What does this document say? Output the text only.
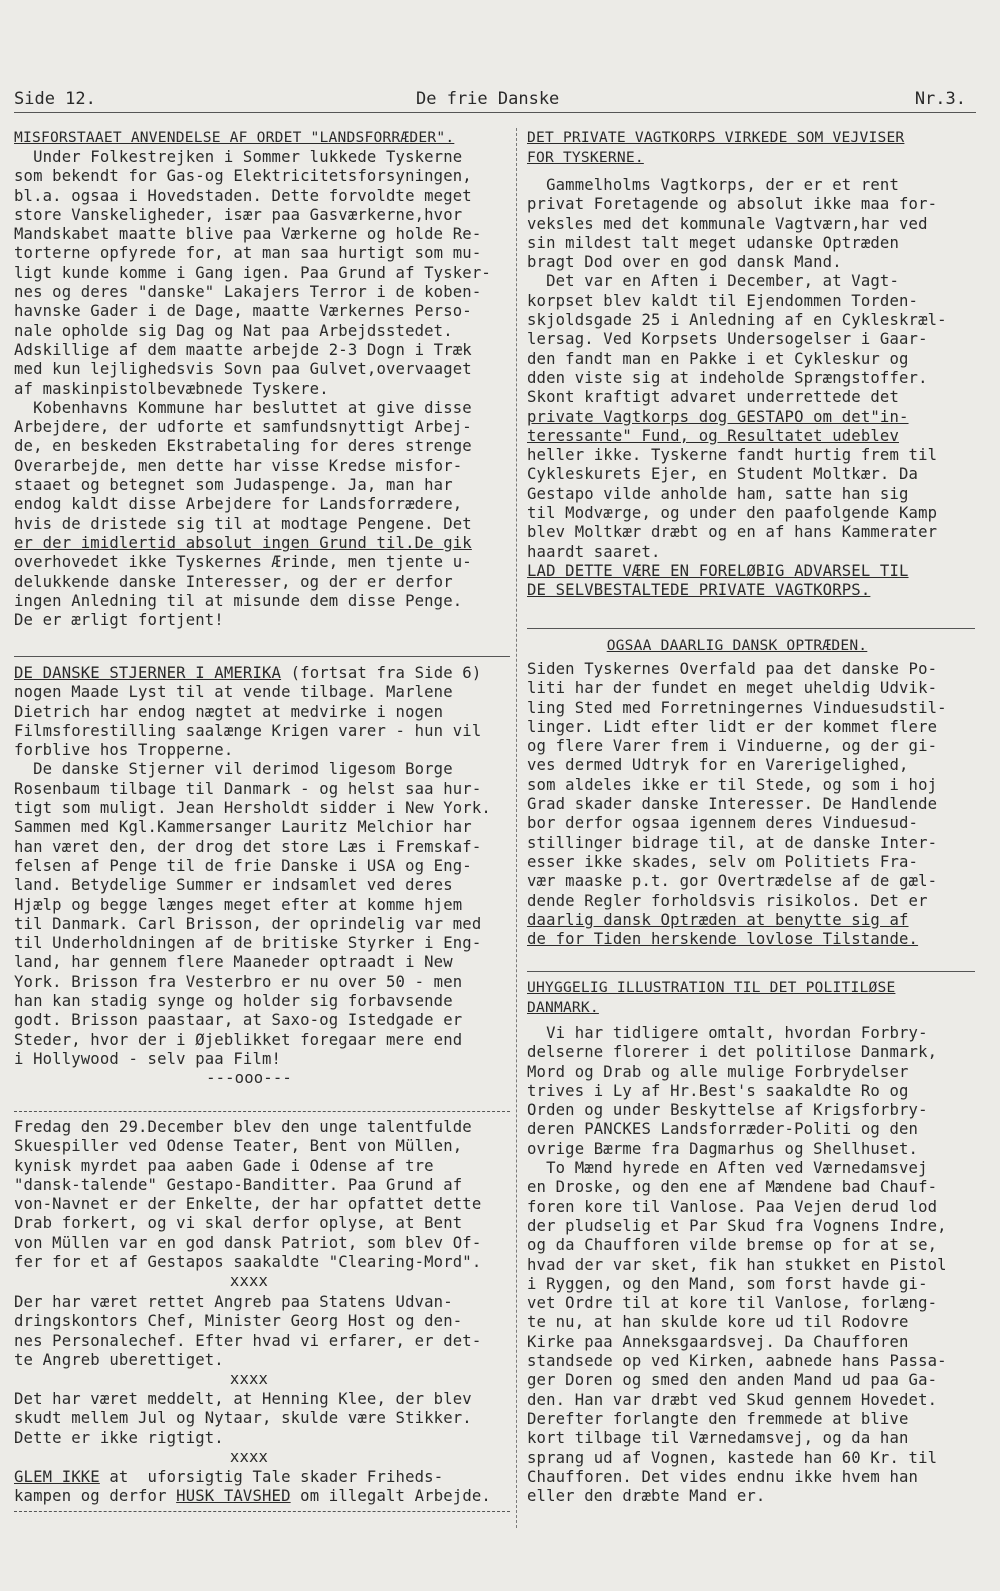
Side 12.	De frie Danske	Nr.3.
MISFORSTAAET ANVENDELSE AF ORDET "LANDSFORRÆDER".
Under Folkestrejken i Sommer lukkede Tyskerne
som bekendt for Gas-og Elektricitetsforsyningen,
bl.a. ogsaa i Hovedstaden. Dette forvoldte meget
store Vanskeligheder, især paa Gasværkerne,hvor
Mandskabet maatte blive paa Værkerne og holde Re-
torterne opfyrede for, at man saa hurtigt som mu-
ligt kunde komme i Gang igen. Paa Grund af Tysker-
nes og deres "danske" Lakajers Terror i de koben-
havnske Gader i de Dage, maatte Værkernes Perso-
nale opholde sig Dag og Nat paa Arbejdsstedet.
Adskillige af dem maatte arbejde 2-3 Dogn i Træk
med kun lejlighedsvis Sovn paa Gulvet,overvaaget
af maskinpistolbevæbnede Tyskere.
Kobenhavns Kommune har besluttet at give disse
Arbejdere, der udforte et samfundsnyttigt Arbej-
de, en beskeden Ekstrabetaling for deres strenge
Overarbejde, men dette har visse Kredse misfor-
staaet og betegnet som Judaspenge. Ja, man har
endog kaldt disse Arbejdere for Landsforrædere,
hvis de dristede sig til at modtage Pengene. Det
er der imidlertid absolut ingen Grund til.De gik
overhovedet ikke Tyskernes Ærinde, men tjente u-
delukkende danske Interesser, og der er derfor
ingen Anledning til at misunde dem disse Penge.
De er ærligt fortjent!
DE DANSKE STJERNER I AMERIKA (fortsat fra Side 6)
nogen Maade Lyst til at vende tilbage. Marlene
Dietrich har endog nægtet at medvirke i nogen
Filmsforestilling saalænge Krigen varer - hun vil
forblive hos Tropperne.
De danske Stjerner vil derimod ligesom Borge
Rosenbaum tilbage til Danmark - og helst saa hur-
tigt som muligt. Jean Hersholdt sidder i New York.
Sammen med Kgl.Kammersanger Lauritz Melchior har
han været den, der drog det store Læs i Fremskaf-
felsen af Penge til de frie Danske i USA og Eng-
land. Betydelige Summer er indsamlet ved deres
Hjælp og begge længes meget efter at komme hjem
til Danmark. Carl Brisson, der oprindelig var med
til Underholdningen af de britiske Styrker i Eng-
land, har gennem flere Maaneder optraadt i New
York. Brisson fra Vesterbro er nu over 50 - men
han kan stadig synge og holder sig forbavsende
godt. Brisson paastaar, at Saxo-og Istedgade er
Steder, hvor der i Øjeblikket foregaar mere end
i Hollywood - selv paa Film!
---ooo---
Fredag den 29.December blev den unge talentfulde
Skuespiller ved Odense Teater, Bent von Müllen,
kynisk myrdet paa aaben Gade i Odense af tre
"dansk-talende" Gestapo-Banditter. Paa Grund af
von-Navnet er der Enkelte, der har opfattet dette
Drab forkert, og vi skal derfor oplyse, at Bent
von Müllen var en god dansk Patriot, som blev Of-
fer for et af Gestapos saakaldte "Clearing-Mord".
xxxx
Der har været rettet Angreb paa Statens Udvan-
dringskontors Chef, Minister Georg Host og den-
nes Personalechef. Efter hvad vi erfarer, er det-
te Angreb uberettiget.
xxxx
Det har været meddelt, at Henning Klee, der blev
skudt mellem Jul og Nytaar, skulde være Stikker.
Dette er ikke rigtigt.
xxxx
GLEM IKKE at  uforsigtig Tale skader Friheds-
kampen og derfor HUSK TAVSHED om illegalt Arbejde.
DET PRIVATE VAGTKORPS VIRKEDE SOM VEJVISER
FOR TYSKERNE.
Gammelholms Vagtkorps, der er et rent
privat Foretagende og absolut ikke maa for-
veksles med det kommunale Vagtværn,har ved
sin mildest talt meget udanske Optræden
bragt Dod over en god dansk Mand.
Det var en Aften i December, at Vagt-
korpset blev kaldt til Ejendommen Torden-
skjoldsgade 25 i Anledning af en Cykleskræl-
lersag. Ved Korpsets Undersogelser i Gaar-
den fandt man en Pakke i et Cykleskur og
dden viste sig at indeholde Sprængstoffer.
Skont kraftigt advaret underrettede det
private Vagtkorps dog GESTAPO om det"in-
teressante" Fund, og Resultatet udeblev
heller ikke. Tyskerne fandt hurtig frem til
Cykleskurets Ejer, en Student Moltkær. Da
Gestapo vilde anholde ham, satte han sig
til Modværge, og under den paafolgende Kamp
blev Moltkær dræbt og en af hans Kammerater
haardt saaret.
LAD DETTE VÆRE EN FORELØBIG ADVARSEL TIL
DE SELVBESTALTEDE PRIVATE VAGTKORPS.
OGSAA DAARLIG DANSK OPTRÆDEN.
Siden Tyskernes Overfald paa det danske Po-
liti har der fundet en meget uheldig Udvik-
ling Sted med Forretningernes Vinduesudstil-
linger. Lidt efter lidt er der kommet flere
og flere Varer frem i Vinduerne, og der gi-
ves dermed Udtryk for en Varerigelighed,
som aldeles ikke er til Stede, og som i hoj
Grad skader danske Interesser. De Handlende
bor derfor ogsaa igennem deres Vinduesud-
stillinger bidrage til, at de danske Inter-
esser ikke skades, selv om Politiets Fra-
vær maaske p.t. gor Overtrædelse af de gæl-
dende Regler forholdsvis risikolos. Det er
daarlig dansk Optræden at benytte sig af
de for Tiden herskende lovlose Tilstande.
UHYGGELIG ILLUSTRATION TIL DET POLITILØSE
DANMARK.
Vi har tidligere omtalt, hvordan Forbry-
delserne florerer i det politilose Danmark,
Mord og Drab og alle mulige Forbrydelser
trives i Ly af Hr.Best's saakaldte Ro og
Orden og under Beskyttelse af Krigsforbry-
deren PANCKES Landsforræder-Politi og den
ovrige Bærme fra Dagmarhus og Shellhuset.
To Mænd hyrede en Aften ved Værnedamsvej
en Droske, og den ene af Mændene bad Chauf-
foren kore til Vanlose. Paa Vejen derud lod
der pludselig et Par Skud fra Vognens Indre,
og da Chaufforen vilde bremse op for at se,
hvad der var sket, fik han stukket en Pistol
i Ryggen, og den Mand, som forst havde gi-
vet Ordre til at kore til Vanlose, forlæng-
te nu, at han skulde kore ud til Rodovre
Kirke paa Anneksgaardsvej. Da Chaufforen
standsede op ved Kirken, aabnede hans Passa-
ger Doren og smed den anden Mand ud paa Ga-
den. Han var dræbt ved Skud gennem Hovedet.
Derefter forlangte den fremmede at blive
kort tilbage til Værnedamsvej, og da han
sprang ud af Vognen, kastede han 60 Kr. til
Chaufforen. Det vides endnu ikke hvem han
eller den dræbte Mand er.
